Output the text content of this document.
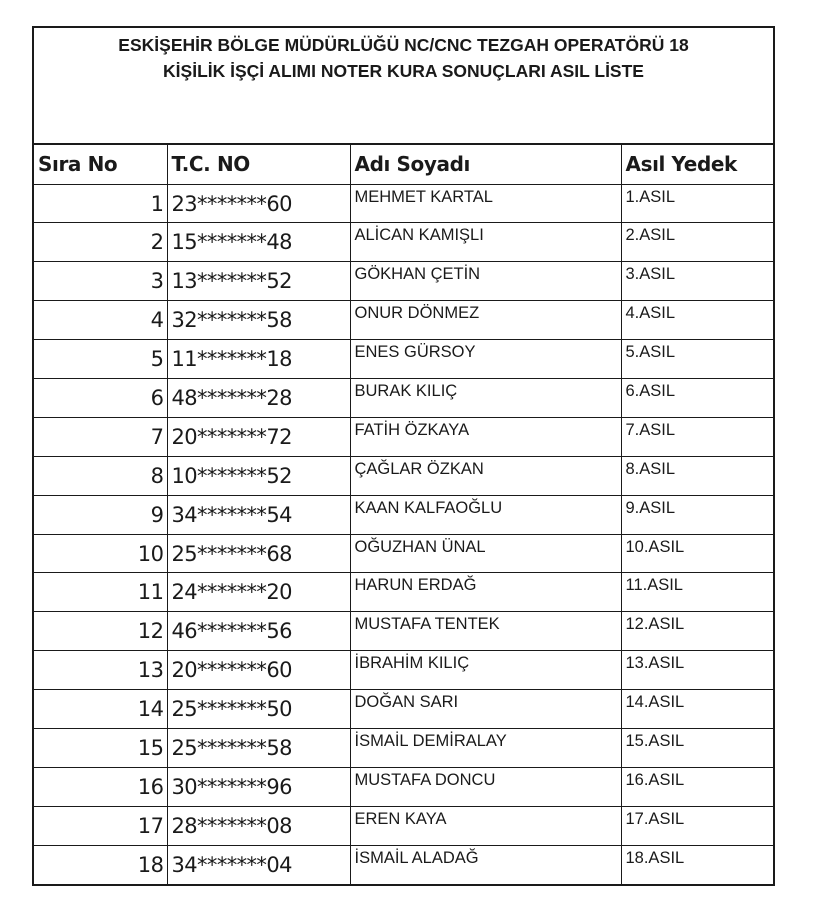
ESKİŞEHİR BÖLGE MÜDÜRLÜĞÜ NC/CNC TEZGAH OPERATÖRÜ 18
KİŞİLİK İŞÇİ ALIMI NOTER KURA SONUÇLARI ASIL LİSTE
Sıra No	T.C. NO	Adı Soyadı	Asıl Yedek
1	23*******60	MEHMET KARTAL	1.ASIL
2	15*******48	ALİCAN KAMIŞLI	2.ASIL
3	13*******52	GÖKHAN ÇETİN	3.ASIL
4	32*******58	ONUR DÖNMEZ	4.ASIL
5	11*******18	ENES GÜRSOY	5.ASIL
6	48*******28	BURAK KILIÇ	6.ASIL
7	20*******72	FATİH ÖZKAYA	7.ASIL
8	10*******52	ÇAĞLAR ÖZKAN	8.ASIL
9	34*******54	KAAN KALFAOĞLU	9.ASIL
10	25*******68	OĞUZHAN ÜNAL	10.ASIL
11	24*******20	HARUN ERDAĞ	11.ASIL
12	46*******56	MUSTAFA TENTEK	12.ASIL
13	20*******60	İBRAHİM KILIÇ	13.ASIL
14	25*******50	DOĞAN SARI	14.ASIL
15	25*******58	İSMAİL DEMİRALAY	15.ASIL
16	30*******96	MUSTAFA DONCU	16.ASIL
17	28*******08	EREN KAYA	17.ASIL
18	34*******04	İSMAİL ALADAĞ	18.ASIL
